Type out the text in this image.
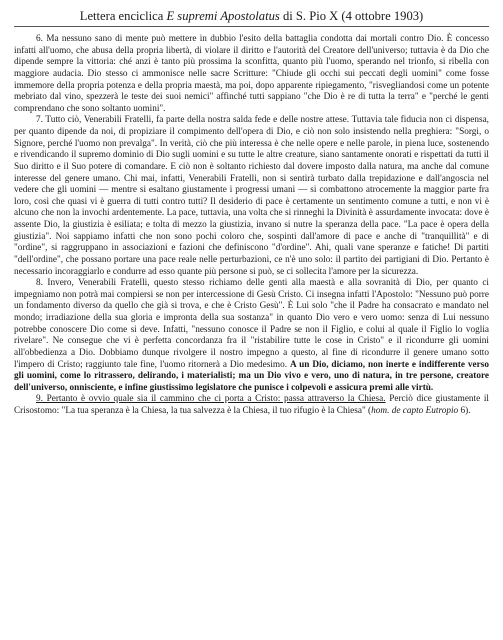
Lettera enciclica E supremi Apostolatus di S. Pio X (4 ottobre 1903)

6. Ma nessuno sano di mente può mettere in dubbio l'esito della battaglia condotta dai mortali contro Dio. È concesso infatti all'uomo, che abusa della propria libertà, di violare il diritto e l'autorità del Creatore dell'universo; tuttavia è da Dio che dipende sempre la vittoria: ché anzi è tanto più prossima la sconfitta, quanto più l'uomo, sperando nel trionfo, si ribella con maggiore audacia. Dio stesso ci ammonisce nelle sacre Scritture: "Chiude gli occhi sui peccati degli uomini" come fosse immemore della propria potenza e della propria maestà, ma poi, dopo apparente ripiegamento, "risvegliandosi come un potente mebriato dal vino, spezzerà le teste dei suoi nemici" affinché tutti sappiano "che Dio è re di tutta la terra" e "perché le genti comprendano che sono soltanto uomini".

7. Tutto ciò, Venerabili Fratelli, fa parte della nostra salda fede e delle nostre attese. Tuttavia tale fiducia non ci dispensa, per quanto dipende da noi, di propiziare il compimento dell'opera di Dio, e ciò non solo insistendo nella preghiera: "Sorgi, o Signore, perché l'uomo non prevalga". In verità, ciò che più interessa è che nelle opere e nelle parole, in piena luce, sostenendo e rivendicando il supremo dominio di Dio sugli uomini e su tutte le altre creature, siano santamente onorati e rispettati da tutti il Suo diritto e il Suo potere di comandare. E ciò non è soltanto richiesto dal dovere imposto dalla natura, ma anche dal comune interesse del genere umano. Chi mai, infatti, Venerabili Fratelli, non si sentirà turbato dalla trepidazione e dall'angoscia nel vedere che gli uomini — mentre si esaltano giustamente i progressi umani — si combattono atrocemente la maggior parte fra loro, così che quasi vi è guerra di tutti contro tutti? Il desiderio di pace è certamente un sentimento comune a tutti, e non vi è alcuno che non la invochi ardentemente. La pace, tuttavia, una volta che si rinneghi la Divinità è assurdamente invocata: dove è assente Dio, la giustizia è esiliata; e tolta di mezzo la giustizia, invano si nutre la speranza della pace. "La pace è opera della giustizia". Noi sappiamo infatti che non sono pochi coloro che, sospinti dall'amore di pace e anche di "tranquillità" e di "ordine", si raggruppano in associazioni e fazioni che definiscono "d'ordine". Ahi, quali vane speranze e fatiche! Di partiti "dell'ordine", che possano portare una pace reale nelle perturbazioni, ce n'è uno solo: il partito dei partigiani di Dio. Pertanto è necessario incoraggiarlo e condurre ad esso quante più persone si può, se ci sollecita l'amore per la sicurezza.

8. Invero, Venerabili Fratelli, questo stesso richiamo delle genti alla maestà e alla sovranità di Dio, per quanto ci impegniamo non potrà mai compiersi se non per intercessione di Gesù Cristo. Ci insegna infatti l'Apostolo: "Nessuno può porre un fondamento diverso da quello che già si trova, e che è Cristo Gesù". È Lui solo "che il Padre ha consacrato e mandato nel mondo; irradiazione della sua gloria e impronta della sua sostanza" in quanto Dio vero e vero uomo: senza di Lui nessuno potrebbe conoscere Dio come si deve. Infatti, "nessuno conosce il Padre se non il Figlio, e colui al quale il Figlio lo voglia rivelare". Ne consegue che vi è perfetta concordanza fra il "ristabilire tutte le cose in Cristo" e il ricondurre gli uomini all'obbedienza a Dio. Dobbiamo dunque rivolgere il nostro impegno a questo, al fine di ricondurre il genere umano sotto l'impero di Cristo; raggiunto tale fine, l'uomo ritornerà a Dio medesimo. A un Dio, diciamo, non inerte e indifferente verso gli uomini, come lo ritrassero, delirando, i materialisti; ma un Dio vivo e vero, uno di natura, in tre persone, creatore dell'universo, onnisciente, e infine giustissimo legislatore che punisce i colpevoli e assicura premi alle virtù.

9. Pertanto è ovvio quale sia il cammino che ci porta a Cristo: passa attraverso la Chiesa. Perciò dice giustamente il Crisostomo: "La tua speranza è la Chiesa, la tua salvezza è la Chiesa, il tuo rifugio è la Chiesa" (hom. de capto Eutropio 6).
